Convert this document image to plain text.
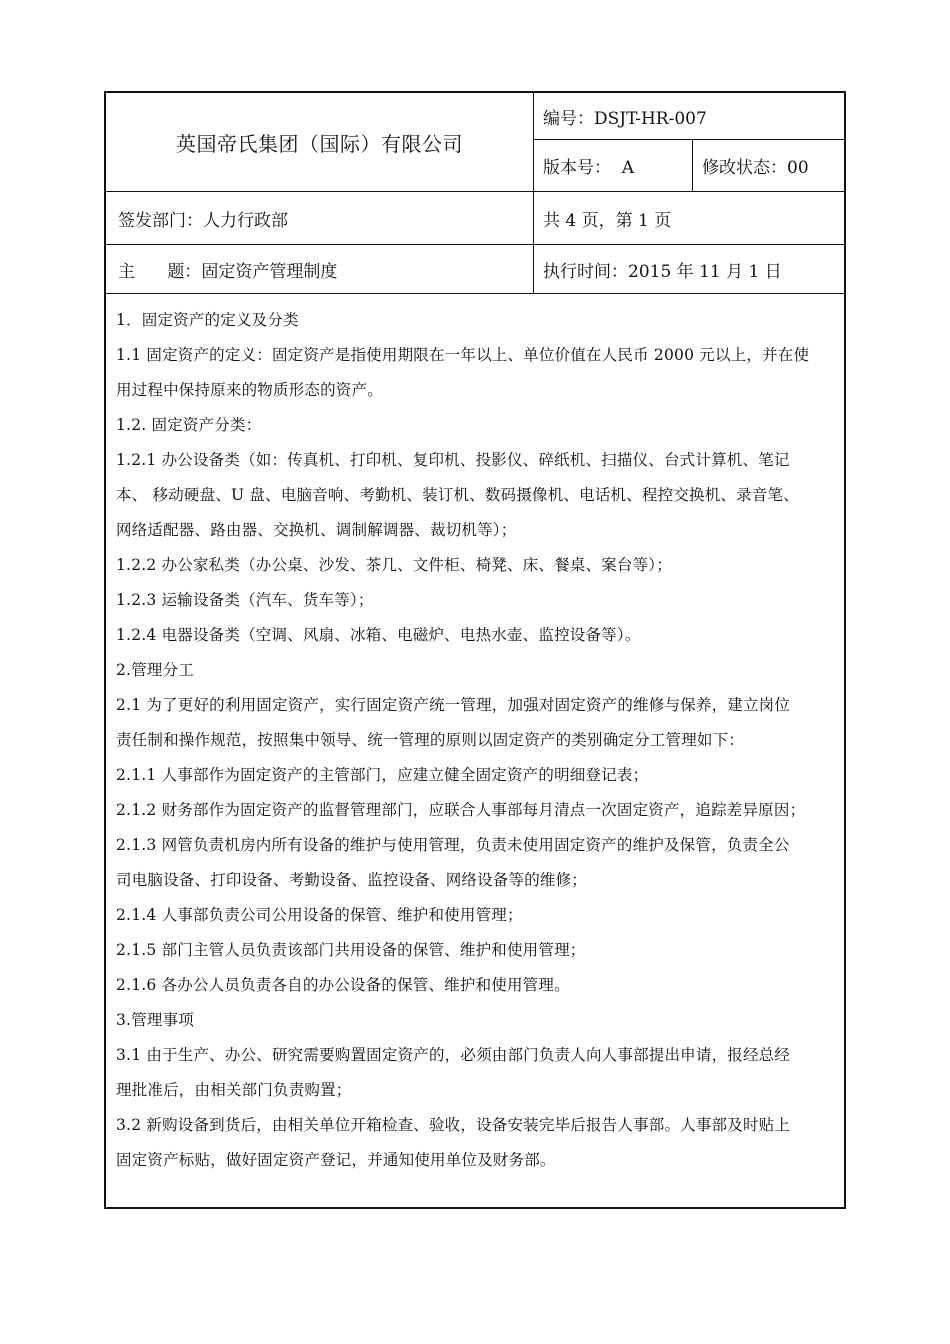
英国帝氏集团（国际）有限公司
编号：DSJT-HR-007
版本号：  A	修改状态：00
签发部门：人力行政部	共 4 页，第 1 页
主      题：固定资产管理制度	执行时间：2015 年 11 月 1 日

1．固定资产的定义及分类

1.1 固定资产的定义：固定资产是指使用期限在一年以上、单位价值在人民币 2000 元以上，并在使

用过程中保持原来的物质形态的资产。

1.2. 固定资产分类：

1.2.1 办公设备类（如：传真机、打印机、复印机、投影仪、碎纸机、扫描仪、台式计算机、笔记

本、 移动硬盘、U 盘、电脑音响、考勤机、装订机、数码摄像机、电话机、程控交换机、录音笔、

网络适配器、路由器、交换机、调制解调器、裁切机等）；

1.2.2 办公家私类（办公桌、沙发、茶几、文件柜、椅凳、床、餐桌、案台等）；

1.2.3 运输设备类（汽车、货车等）；

1.2.4 电器设备类（空调、风扇、冰箱、电磁炉、电热水壶、监控设备等）。

2.管理分工

2.1 为了更好的利用固定资产，实行固定资产统一管理，加强对固定资产的维修与保养，建立岗位

责任制和操作规范，按照集中领导、统一管理的原则以固定资产的类别确定分工管理如下：

2.1.1 人事部作为固定资产的主管部门，应建立健全固定资产的明细登记表；

2.1.2 财务部作为固定资产的监督管理部门，应联合人事部每月清点一次固定资产，追踪差异原因；

2.1.3 网管负责机房内所有设备的维护与使用管理，负责未使用固定资产的维护及保管，负责全公

司电脑设备、打印设备、考勤设备、监控设备、网络设备等的维修；

2.1.4 人事部负责公司公用设备的保管、维护和使用管理；

2.1.5 部门主管人员负责该部门共用设备的保管、维护和使用管理；

2.1.6 各办公人员负责各自的办公设备的保管、维护和使用管理。

3.管理事项

3.1 由于生产、办公、研究需要购置固定资产的，必须由部门负责人向人事部提出申请，报经总经

理批准后，由相关部门负责购置；

3.2 新购设备到货后，由相关单位开箱检查、验收，设备安装完毕后报告人事部。人事部及时贴上

固定资产标贴，做好固定资产登记，并通知使用单位及财务部。
